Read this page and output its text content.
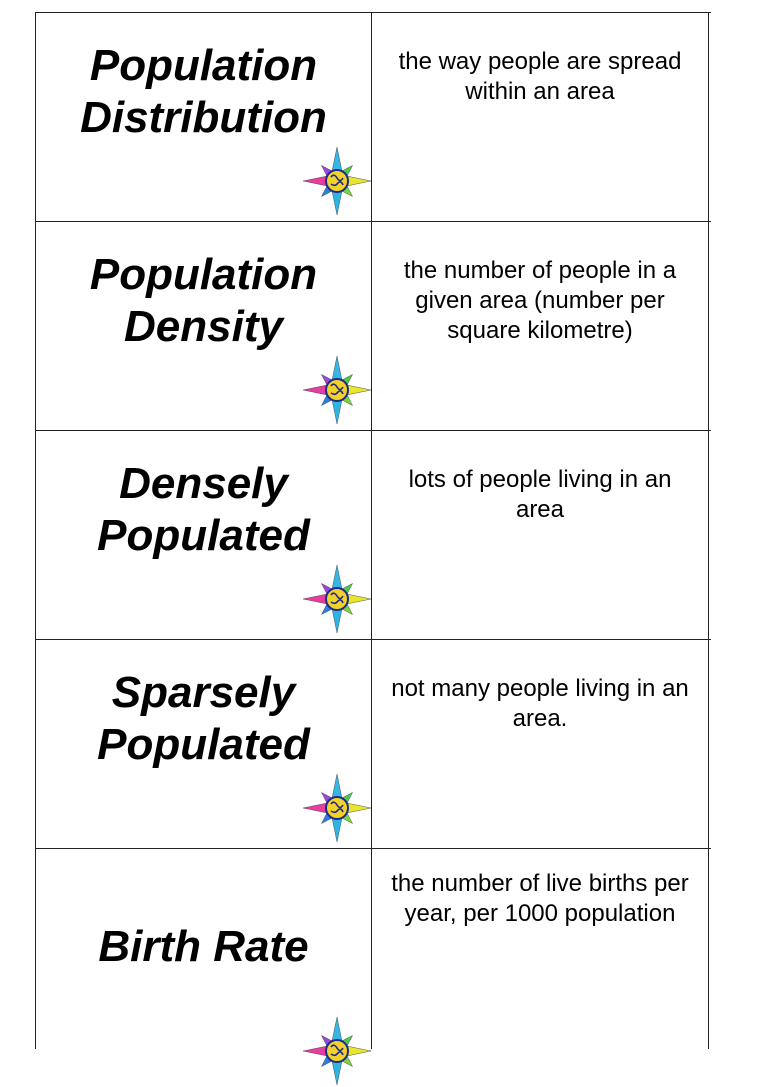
Population
Distribution
the way people are spread within an area
Population
Density
the number of people in a given area (number per square kilometre)
Densely
Populated
lots of people living in an area
Sparsely
Populated
not many people living in an area.
Birth Rate
the number of live births per year, per 1000 population
